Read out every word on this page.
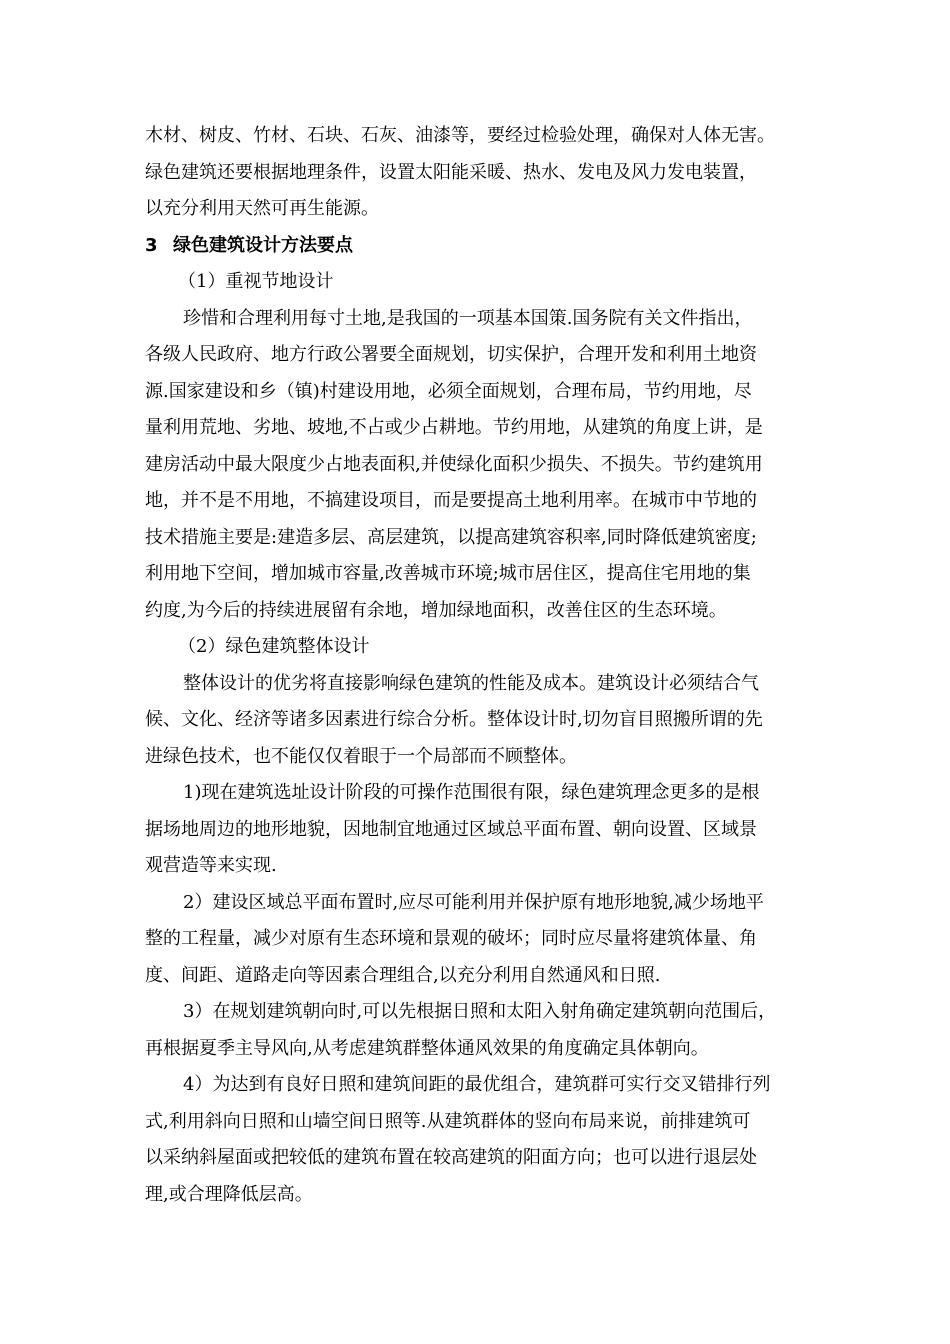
木材、树皮、竹材、石块、石灰、油漆等，要经过检验处理，确保对人体无害。
绿色建筑还要根据地理条件，设置太阳能采暖、热水、发电及风力发电装置，
以充分利用天然可再生能源。
3 绿色建筑设计方法要点
（1）重视节地设计
珍惜和合理利用每寸土地,是我国的一项基本国策.国务院有关文件指出，
各级人民政府、地方行政公署要全面规划，切实保护，合理开发和利用土地资
源.国家建设和乡（镇)村建设用地，必须全面规划，合理布局，节约用地，尽
量利用荒地、劣地、坡地,不占或少占耕地。节约用地，从建筑的角度上讲，是
建房活动中最大限度少占地表面积,并使绿化面积少损失、不损失。节约建筑用
地，并不是不用地，不搞建设项目，而是要提高土地利用率。在城市中节地的
技术措施主要是:建造多层、高层建筑，以提高建筑容积率,同时降低建筑密度;
利用地下空间，增加城市容量,改善城市环境;城市居住区，提高住宅用地的集
约度,为今后的持续进展留有余地，增加绿地面积，改善住区的生态环境。
（2）绿色建筑整体设计
整体设计的优劣将直接影响绿色建筑的性能及成本。建筑设计必须结合气
候、文化、经济等诸多因素进行综合分析。整体设计时,切勿盲目照搬所谓的先
进绿色技术，也不能仅仅着眼于一个局部而不顾整体。
1)现在建筑选址设计阶段的可操作范围很有限，绿色建筑理念更多的是根
据场地周边的地形地貌，因地制宜地通过区域总平面布置、朝向设置、区域景
观营造等来实现.
2）建设区域总平面布置时,应尽可能利用并保护原有地形地貌,减少场地平
整的工程量，减少对原有生态环境和景观的破坏；同时应尽量将建筑体量、角
度、间距、道路走向等因素合理组合,以充分利用自然通风和日照.
3）在规划建筑朝向时,可以先根据日照和太阳入射角确定建筑朝向范围后，
再根据夏季主导风向,从考虑建筑群整体通风效果的角度确定具体朝向。
4）为达到有良好日照和建筑间距的最优组合，建筑群可实行交叉错排行列
式,利用斜向日照和山墙空间日照等.从建筑群体的竖向布局来说，前排建筑可
以采纳斜屋面或把较低的建筑布置在较高建筑的阳面方向；也可以进行退层处
理,或合理降低层高。
